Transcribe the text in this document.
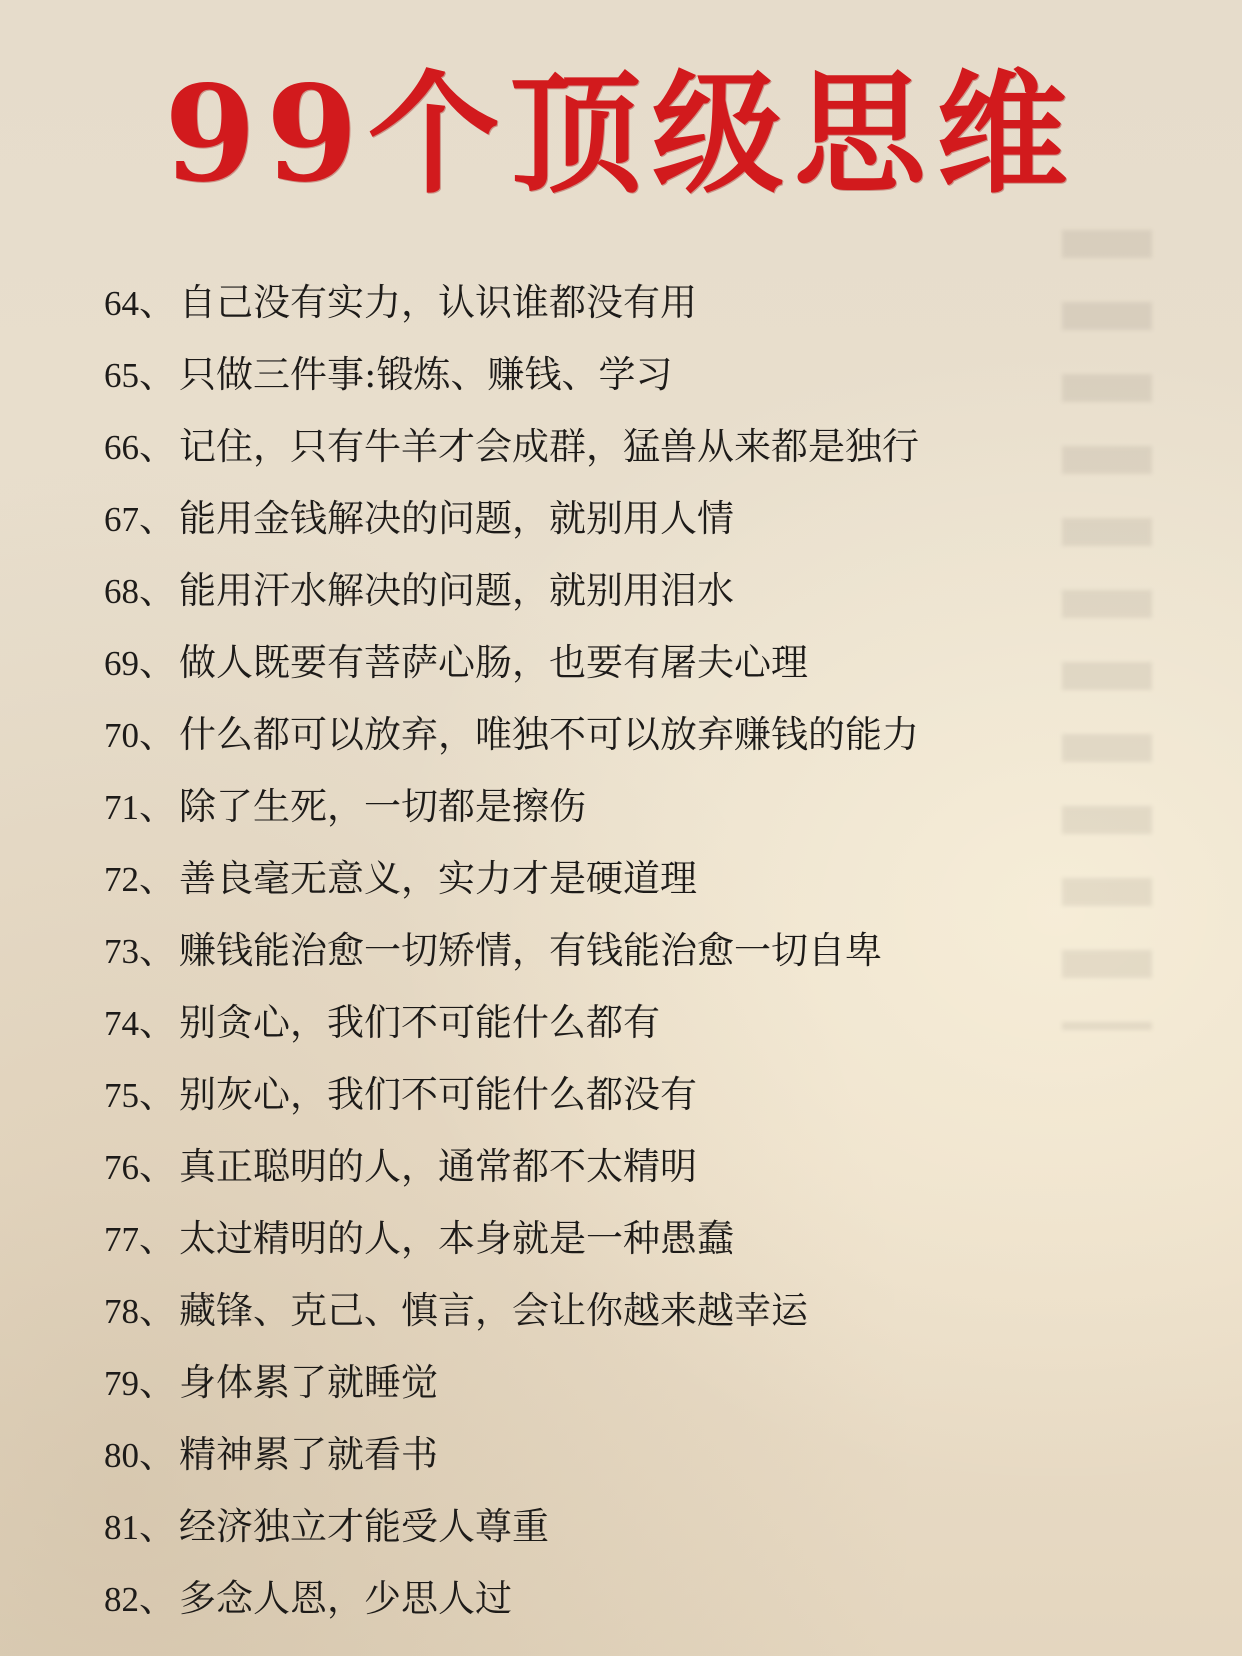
99个顶级思维
64、自己没有实力，认识谁都没有用
65、只做三件事:锻炼、赚钱、学习
66、记住，只有牛羊才会成群，猛兽从来都是独行
67、能用金钱解决的问题，就别用人情
68、能用汗水解决的问题，就别用泪水
69、做人既要有菩萨心肠，也要有屠夫心理
70、什么都可以放弃，唯独不可以放弃赚钱的能力
71、除了生死，一切都是擦伤
72、善良毫无意义，实力才是硬道理
73、赚钱能治愈一切矫情，有钱能治愈一切自卑
74、别贪心，我们不可能什么都有
75、别灰心，我们不可能什么都没有
76、真正聪明的人，通常都不太精明
77、太过精明的人，本身就是一种愚蠢
78、藏锋、克己、慎言，会让你越来越幸运
79、身体累了就睡觉
80、精神累了就看书
81、经济独立才能受人尊重
82、多念人恩，少思人过
